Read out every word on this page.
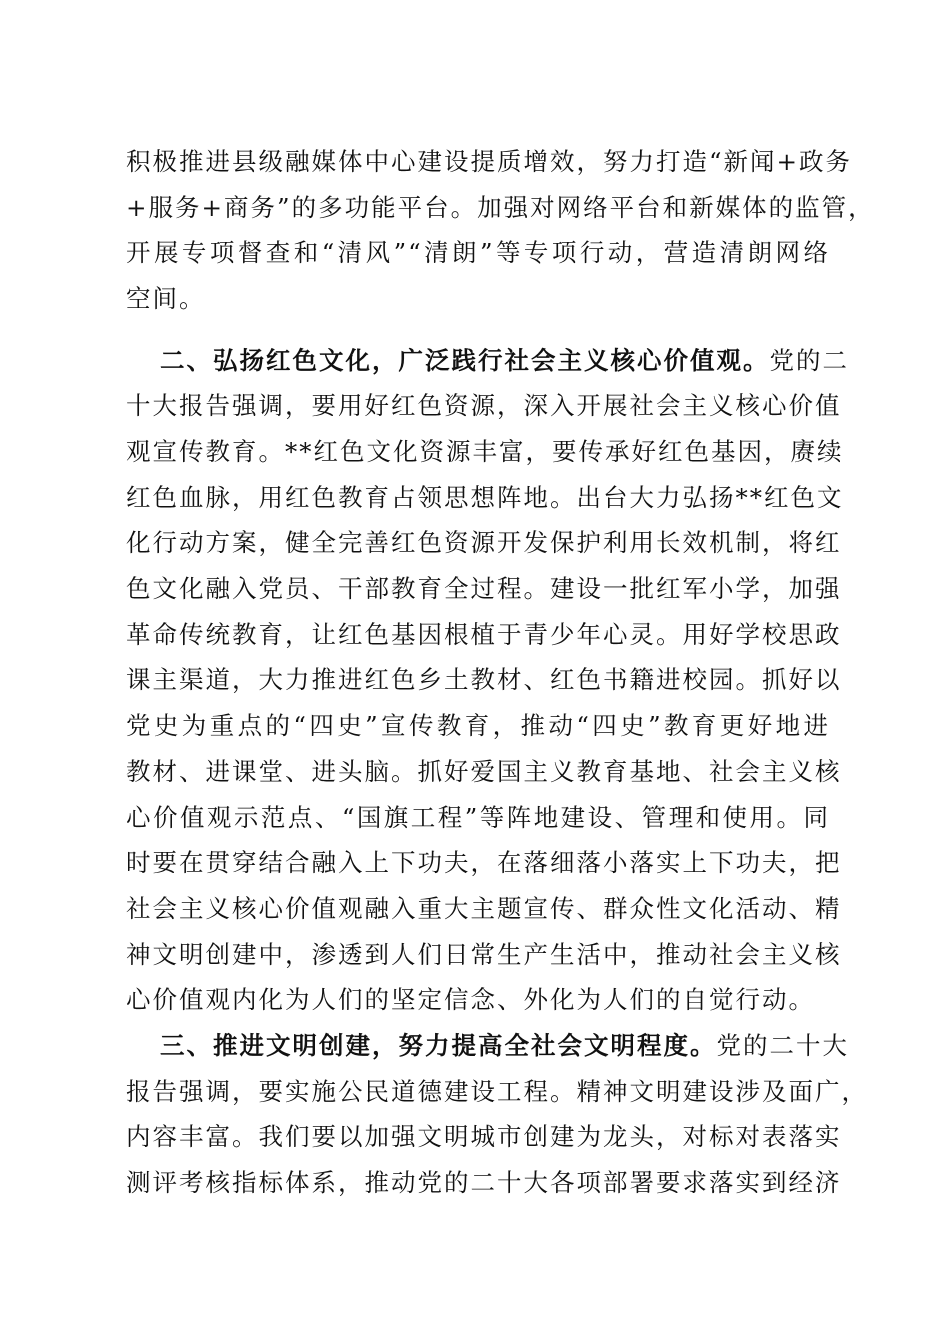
积极推进县级融媒体中心建设提质增效，努力打造“新闻+政务
+服务+商务”的多功能平台。加强对网络平台和新媒体的监管，
开展专项督查和“清风”“清朗”等专项行动，营造清朗网络
空间。
二、弘扬红色文化，广泛践行社会主义核心价值观。党的二
十大报告强调，要用好红色资源，深入开展社会主义核心价值
观宣传教育。**红色文化资源丰富，要传承好红色基因，赓续
红色血脉，用红色教育占领思想阵地。出台大力弘扬**红色文
化行动方案，健全完善红色资源开发保护利用长效机制，将红
色文化融入党员、干部教育全过程。建设一批红军小学，加强
革命传统教育，让红色基因根植于青少年心灵。用好学校思政
课主渠道，大力推进红色乡土教材、红色书籍进校园。抓好以
党史为重点的“四史”宣传教育，推动“四史”教育更好地进
教材、进课堂、进头脑。抓好爱国主义教育基地、社会主义核
心价值观示范点、“国旗工程”等阵地建设、管理和使用。同
时要在贯穿结合融入上下功夫，在落细落小落实上下功夫，把
社会主义核心价值观融入重大主题宣传、群众性文化活动、精
神文明创建中，渗透到人们日常生产生活中，推动社会主义核
心价值观内化为人们的坚定信念、外化为人们的自觉行动。
三、推进文明创建，努力提高全社会文明程度。党的二十大
报告强调，要实施公民道德建设工程。精神文明建设涉及面广，
内容丰富。我们要以加强文明城市创建为龙头，对标对表落实
测评考核指标体系，推动党的二十大各项部署要求落实到经济
